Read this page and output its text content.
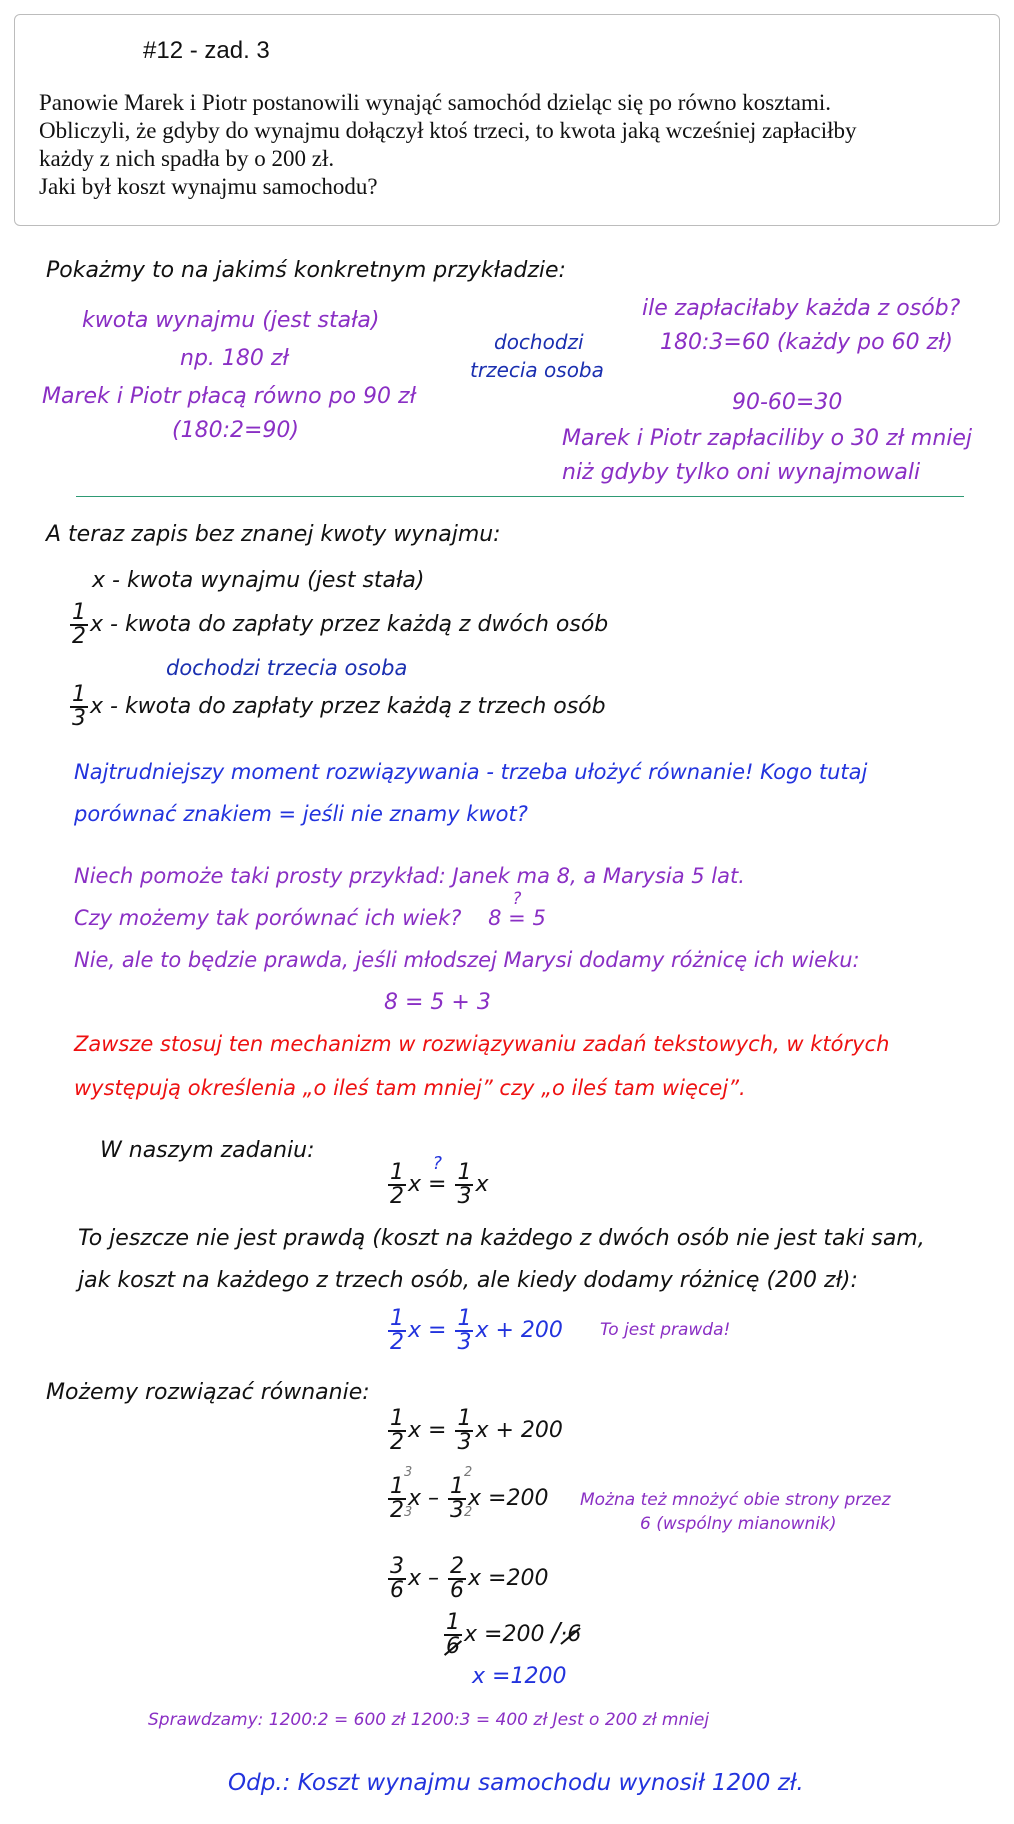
#12 - zad. 3
Panowie Marek i Piotr postanowili wynająć samochód dzieląc się po równo kosztami.
Obliczyli, że gdyby do wynajmu dołączył ktoś trzeci, to kwota jaką wcześniej zapłaciłby
każdy z nich spadła by o 200 zł.
Jaki był koszt wynajmu samochodu?
Pokażmy to na jakimś konkretnym przykładzie:
kwota wynajmu (jest stała)
np. 180 zł
Marek i Piotr płacą równo po 90 zł
(180:2=90)
dochodzi
trzecia osoba
ile zapłaciłaby każda z osób?
180:3=60 (każdy po 60 zł)
90-60=30
Marek i Piotr zapłaciliby o 30 zł mniej
niż gdyby tylko oni wynajmowali
A teraz zapis bez znanej kwoty wynajmu:
x - kwota wynajmu (jest stała)
$\frac{1}{2}$ x - kwota do zapłaty przez każdą z dwóch osób
dochodzi trzecia osoba
$\frac{1}{3}$ x - kwota do zapłaty przez każdą z trzech osób
Najtrudniejszy moment rozwiązywania - trzeba ułożyć równanie! Kogo tutaj
porównać znakiem = jeśli nie znamy kwot?
Niech pomoże taki prosty przykład: Janek ma 8, a Marysia 5 lat.
Czy możemy tak porównać ich wiek? 8 =
?
5
Nie, ale to będzie prawda, jeśli młodszej Marysi dodamy różnicę ich wieku:
8 = 5 + 3
Zawsze stosuj ten mechanizm w rozwiązywaniu zadań tekstowych, w których
występują określenia „o ileś tam mniej” czy „o ileś tam więcej”.
W naszym zadaniu:
$\frac{1}{2}$ x =
?
$\frac{1}{3}$ x
To jeszcze nie jest prawdą (koszt na każdego z dwóch osób nie jest taki sam,
jak koszt na każdego z trzech osób, ale kiedy dodamy różnicę (200 zł):
$\frac{1}{2}$ $x = \frac{1}{3}$ x + 200 To jest prawda!
Możemy rozwiązać równanie:
$\frac{1}{2}$ $x = \frac{1}{3}$ x + 200
1
2
3
3
x – 1
3
2
2
x =200 Można też mnożyć obie strony przez
6 (wspólny mianownik)
$\frac{3}{6}$ x – $\frac{2}{6}$ x =200
$\frac{1}{6}$ x =200 /·6
x =1200
Sprawdzamy: 1200:2 = 600 zł 1200:3 = 400 zł Jest o 200 zł mniej
Odp.: Koszt wynajmu samochodu wynosił 1200 zł.
